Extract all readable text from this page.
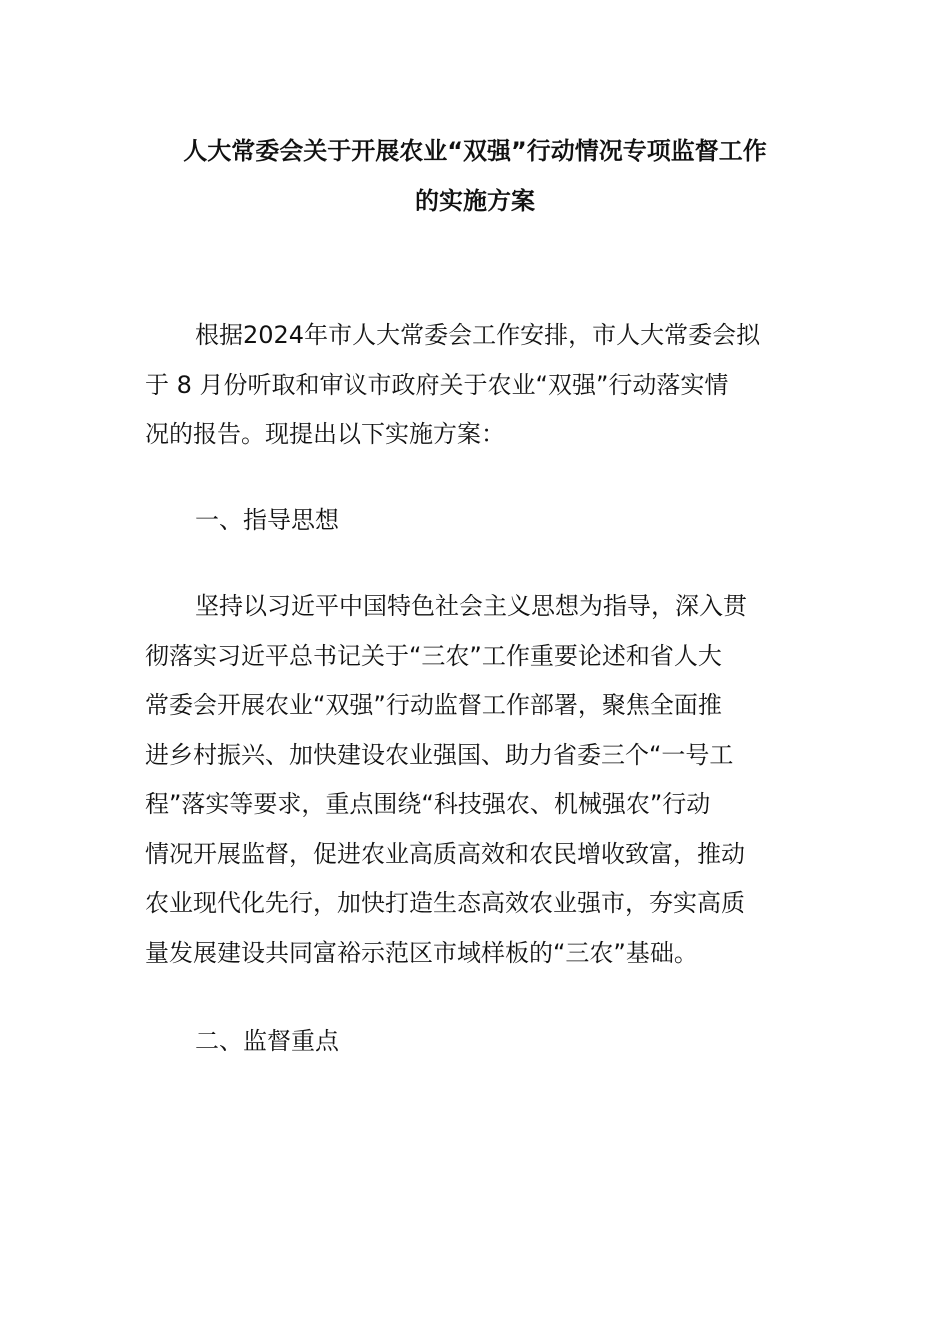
人大常委会关于开展农业“双强”行动情况专项监督工作
的实施方案
根据2024年市人大常委会工作安排，市人大常委会拟
于 8 月份听取和审议市政府关于农业“双强”行动落实情
况的报告。现提出以下实施方案：
一、指导思想
坚持以习近平中国特色社会主义思想为指导，深入贯
彻落实习近平总书记关于“三农”工作重要论述和省人大
常委会开展农业“双强”行动监督工作部署，聚焦全面推
进乡村振兴、加快建设农业强国、助力省委三个“一号工
程”落实等要求，重点围绕“科技强农、机械强农”行动
情况开展监督，促进农业高质高效和农民增收致富，推动
农业现代化先行，加快打造生态高效农业强市，夯实高质
量发展建设共同富裕示范区市域样板的“三农”基础。
二、监督重点
